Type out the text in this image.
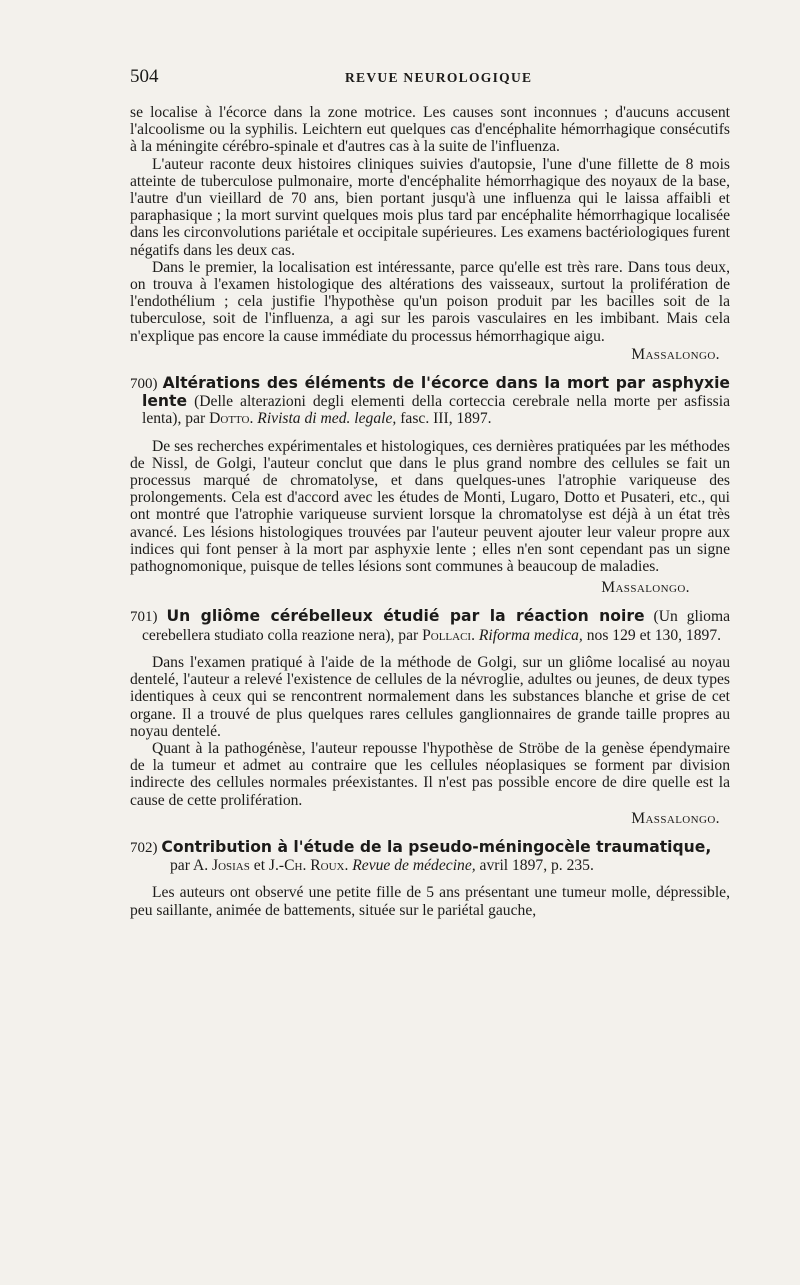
504	REVUE NEUROLOGIQUE

se localise à l'écorce dans la zone motrice. Les causes sont inconnues ; d'aucuns accusent l'alcoolisme ou la syphilis. Leichtern eut quelques cas d'encéphalite hémorrhagique consécutifs à la méningite cérébro-spinale et d'autres cas à la suite de l'influenza.

L'auteur raconte deux histoires cliniques suivies d'autopsie, l'une d'une fillette de 8 mois atteinte de tuberculose pulmonaire, morte d'encéphalite hémorrhagique des noyaux de la base, l'autre d'un vieillard de 70 ans, bien portant jusqu'à une influenza qui le laissa affaibli et paraphasique ; la mort survint quelques mois plus tard par encéphalite hémorrhagique localisée dans les circonvolutions pariétale et occipitale supérieures. Les examens bactériologiques furent négatifs dans les deux cas.

Dans le premier, la localisation est intéressante, parce qu'elle est très rare. Dans tous deux, on trouva à l'examen histologique des altérations des vaisseaux, surtout la prolifération de l'endothélium ; cela justifie l'hypothèse qu'un poison produit par les bacilles soit de la tuberculose, soit de l'influenza, a agi sur les parois vasculaires en les imbibant. Mais cela n'explique pas encore la cause immédiate du processus hémorrhagique aigu.

Massalongo.

700) Altérations des éléments de l'écorce dans la mort par asphyxie lente (Delle alterazioni degli elementi della corteccia cerebrale nella morte per asfissia lenta), par Dotto. Rivista di med. legale, fasc. III, 1897.

De ses recherches expérimentales et histologiques, ces dernières pratiquées par les méthodes de Nissl, de Golgi, l'auteur conclut que dans le plus grand nombre des cellules se fait un processus marqué de chromatolyse, et dans quelques-unes l'atrophie variqueuse des prolongements. Cela est d'accord avec les études de Monti, Lugaro, Dotto et Pusateri, etc., qui ont montré que l'atrophie variqueuse survient lorsque la chromatolyse est déjà à un état très avancé. Les lésions histologiques trouvées par l'auteur peuvent ajouter leur valeur propre aux indices qui font penser à la mort par asphyxie lente ; elles n'en sont cependant pas un signe pathognomonique, puisque de telles lésions sont communes à beaucoup de maladies.

Massalongo.

701) Un gliôme cérébelleux étudié par la réaction noire (Un glioma cerebellera studiato colla reazione nera), par Pollaci. Riforma medica, nos 129 et 130, 1897.

Dans l'examen pratiqué à l'aide de la méthode de Golgi, sur un gliôme localisé au noyau dentelé, l'auteur a relevé l'existence de cellules de la névroglie, adultes ou jeunes, de deux types identiques à ceux qui se rencontrent normalement dans les substances blanche et grise de cet organe. Il a trouvé de plus quelques rares cellules ganglionnaires de grande taille propres au noyau dentelé.

Quant à la pathogénèse, l'auteur repousse l'hypothèse de Ströbe de la genèse épendymaire de la tumeur et admet au contraire que les cellules néoplasiques se forment par division indirecte des cellules normales préexistantes. Il n'est pas possible encore de dire quelle est la cause de cette prolifération.

Massalongo.

702) Contribution à l'étude de la pseudo-méningocèle traumatique,

par A. Josias et J.-Ch. Roux. Revue de médecine, avril 1897, p. 235.

Les auteurs ont observé une petite fille de 5 ans présentant une tumeur molle, dépressible, peu saillante, animée de battements, située sur le pariétal gauche,
